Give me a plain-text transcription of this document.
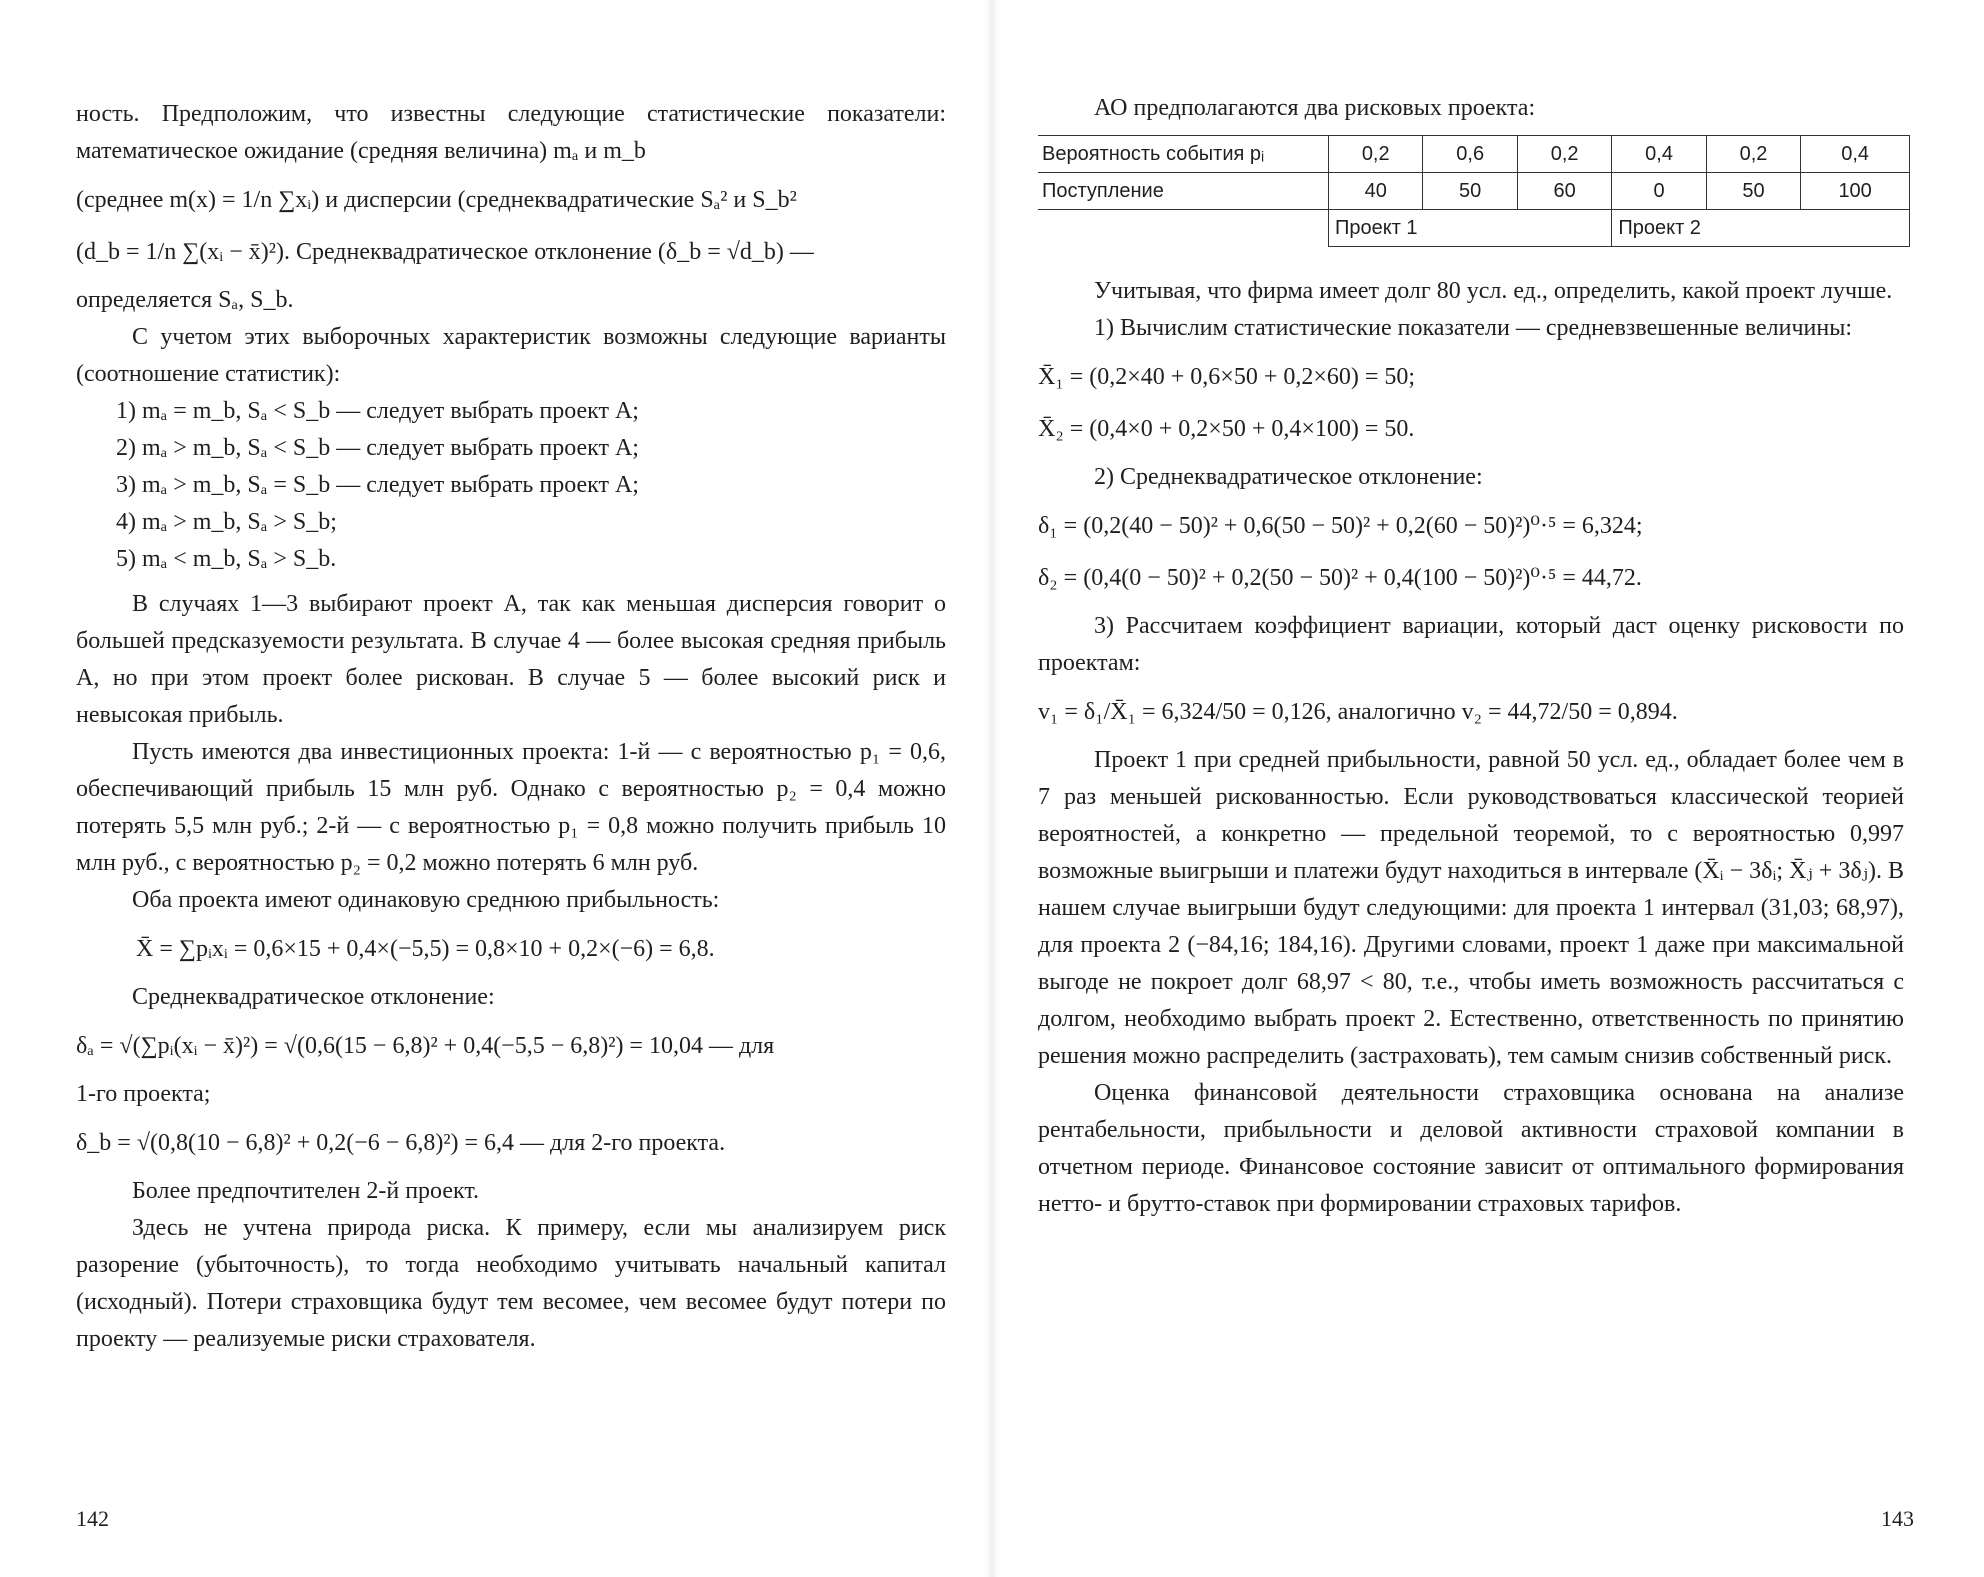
ность. Предположим, что известны следующие статистические показатели: математическое ожидание (средняя величина) mₐ и m_b

(среднее m(x) = 1/n ∑xᵢ) и дисперсии (среднеквадратические Sₐ² и S_b²

(d_b = 1/n ∑(xᵢ − x̄)²). Среднеквадратическое отклонение (δ_b = √d_b) —

определяется Sₐ, S_b.

С учетом этих выборочных характеристик возможны следующие варианты (соотношение статистик):

1) mₐ = m_b, Sₐ < S_b — следует выбрать проект А;

2) mₐ > m_b, Sₐ < S_b — следует выбрать проект А;

3) mₐ > m_b, Sₐ = S_b — следует выбрать проект А;

4) mₐ > m_b, Sₐ > S_b;

5) mₐ < m_b, Sₐ > S_b.

В случаях 1—3 выбирают проект А, так как меньшая дисперсия говорит о большей предсказуемости результата. В случае 4 — более высокая средняя прибыль А, но при этом проект более рискован. В случае 5 — более высокий риск и невысокая прибыль.

Пусть имеются два инвестиционных проекта: 1-й — с вероятностью p₁ = 0,6, обеспечивающий прибыль 15 млн руб. Однако с вероятностью p₂ = 0,4 можно потерять 5,5 млн руб.; 2-й — с вероятностью p₁ = 0,8 можно получить прибыль 10 млн руб., с вероятностью p₂ = 0,2 можно потерять 6 млн руб.

Оба проекта имеют одинаковую среднюю прибыльность:

X̄ = ∑pᵢxᵢ = 0,6×15 + 0,4×(−5,5) = 0,8×10 + 0,2×(−6) = 6,8.

Среднеквадратическое отклонение:

δₐ = √(∑pᵢ(xᵢ − x̄)²) = √(0,6(15 − 6,8)² + 0,4(−5,5 − 6,8)²) = 10,04 — для

1-го проекта;

δ_b = √(0,8(10 − 6,8)² + 0,2(−6 − 6,8)²) = 6,4 — для 2-го проекта.

Более предпочтителен 2-й проект.

Здесь не учтена природа риска. К примеру, если мы анализируем риск разорение (убыточность), то тогда необходимо учитывать начальный капитал (исходный). Потери страховщика будут тем весомее, чем весомее будут потери по проекту — реализуемые риски страхователя.

142

АО предполагаются два рисковых проекта:

Вероятность события pᵢ	0,2	0,6	0,2	0,4	0,2	0,4
Поступление	40	50	60	0	50	100
	Проект 1			Проект 2		

Учитывая, что фирма имеет долг 80 усл. ед., определить, какой проект лучше.

1) Вычислим статистические показатели — средневзвешенные величины:

X̄₁ = (0,2×40 + 0,6×50 + 0,2×60) = 50;

X̄₂ = (0,4×0 + 0,2×50 + 0,4×100) = 50.

2) Среднеквадратическое отклонение:

δ₁ = (0,2(40 − 50)² + 0,6(50 − 50)² + 0,2(60 − 50)²)⁰·⁵ = 6,324;

δ₂ = (0,4(0 − 50)² + 0,2(50 − 50)² + 0,4(100 − 50)²)⁰·⁵ = 44,72.

3) Рассчитаем коэффициент вариации, который даст оценку рисковости по проектам:

v₁ = δ₁/X̄₁ = 6,324/50 = 0,126, аналогично v₂ = 44,72/50 = 0,894.

Проект 1 при средней прибыльности, равной 50 усл. ед., обладает более чем в 7 раз меньшей рискованностью. Если руководствоваться классической теорией вероятностей, а конкретно — предельной теоремой, то с вероятностью 0,997 возможные выигрыши и платежи будут находиться в интервале (X̄ᵢ − 3δᵢ; X̄ⱼ + 3δⱼ). В нашем случае выигрыши будут следующими: для проекта 1 интервал (31,03; 68,97), для проекта 2 (−84,16; 184,16). Другими словами, проект 1 даже при максимальной выгоде не покроет долг 68,97 < 80, т.е., чтобы иметь возможность рассчитаться с долгом, необходимо выбрать проект 2. Естественно, ответственность по принятию решения можно распределить (застраховать), тем самым снизив собственный риск.

Оценка финансовой деятельности страховщика основана на анализе рентабельности, прибыльности и деловой активности страховой компании в отчетном периоде. Финансовое состояние зависит от оптимального формирования нетто- и брутто-ставок при формировании страховых тарифов.

143
